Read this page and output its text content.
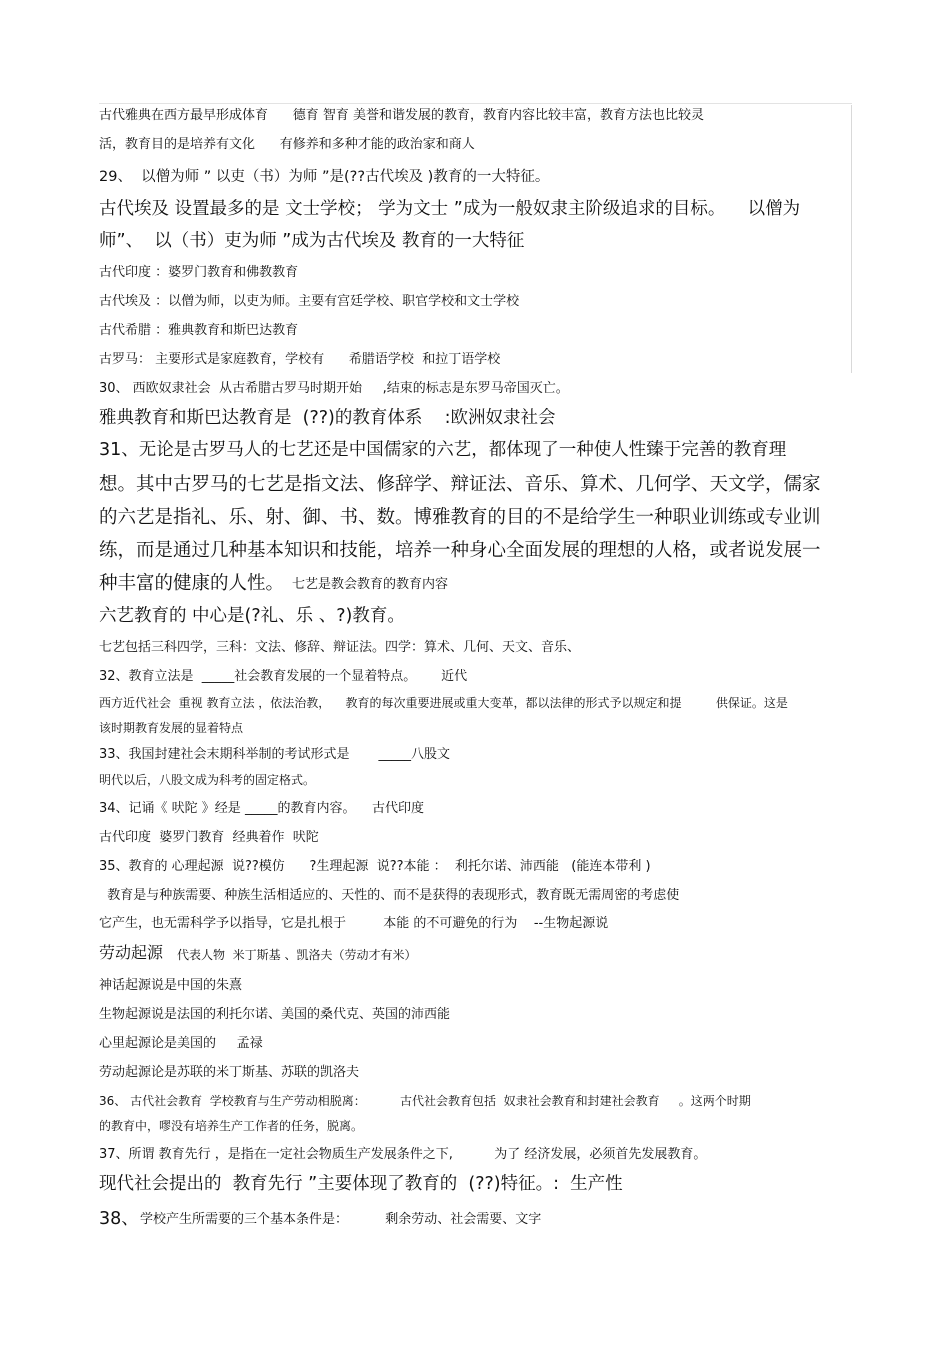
古代雅典在西方最早形成体育      德育 智育 美誉和谐发展的教育，教育内容比较丰富，教育方法也比较灵
活，教育目的是培养有文化      有修养和多种才能的政治家和商人
29、  以僧为师 ” 以吏（书）为师 ”是(??古代埃及 )教育的一大特征。
古代埃及 设置最多的是 文士学校； 学为文士 ”成为一般奴隶主阶级追求的目标。    以僧为
师”、  以（书）吏为师 ”成为古代埃及 教育的一大特征
古代印度 ：婆罗门教育和佛教教育
古代埃及 ：以僧为师，以吏为师。主要有宫廷学校、职官学校和文士学校
古代希腊 ：雅典教育和斯巴达教育
古罗马： 主要形式是家庭教育，学校有      希腊语学校  和拉丁语学校
30、 西欧奴隶社会  从古希腊古罗马时期开始     ,结束的标志是东罗马帝国灭亡。
雅典教育和斯巴达教育是  (??)的教育体系    :欧洲奴隶社会
31、无论是古罗马人的七艺还是中国儒家的六艺，都体现了一种使人性臻于完善的教育理
想。其中古罗马的七艺是指文法、修辞学、辩证法、音乐、算术、几何学、天文学，儒家
的六艺是指礼、乐、射、御、书、数。博雅教育的目的不是给学生一种职业训练或专业训
练，而是通过几种基本知识和技能，培养一种身心全面发展的理想的人格，或者说发展一
种丰富的健康的人性。 七艺是教会教育的教育内容
六艺教育的 中心是(?礼、乐 、?)教育。
七艺包括三科四学，三科：文法、修辞、辩证法。四学：算术、几何、天文、音乐、
32、教育立法是  _____社会教育发展的一个显着特点。      近代
西方近代社会  重视 教育立法 ，依法治教，    教育的每次重要进展或重大变革，都以法律的形式予以规定和提         供保证。这是
该时期教育发展的显着特点
33、我国封建社会末期科举制的考试形式是       _____八股文
明代以后，八股文成为科考的固定格式。
34、记诵《 吠陀 》经是 _____的教育内容。    古代印度
古代印度  婆罗门教育  经典着作  吠陀
35、教育的 心理起源  说??模仿      ?生理起源  说??本能 ：  利托尔诺、沛西能   (能连本带利 )
教育是与种族需要、种族生活相适应的、天性的、而不是获得的表现形式，教育既无需周密的考虑使
它产生，也无需科学予以指导，它是扎根于         本能 的不可避免的行为    --生物起源说
劳动起源 代表人物  米丁斯基 、凯洛夫（劳动才有米）
神话起源说是中国的朱熹
生物起源说是法国的利托尔诺、美国的桑代克、英国的沛西能
心里起源论是美国的     孟禄
劳动起源论是苏联的米丁斯基、苏联的凯洛夫
36、 古代社会教育  学校教育与生产劳动相脱离：         古代社会教育包括  奴隶社会教育和封建社会教育     。这两个时期
的教育中，嘐没有培养生产工作者的任务，脱离。
37、所谓 教育先行 ，是指在一定社会物质生产发展条件之下,          为了 经济发展，必须首先发展教育。
现代社会提出的  教育先行 ”主要体现了教育的  (??)特征。:  生产性
38、 学校产生所需要的三个基本条件是：         剩余劳动、社会需要、文字
